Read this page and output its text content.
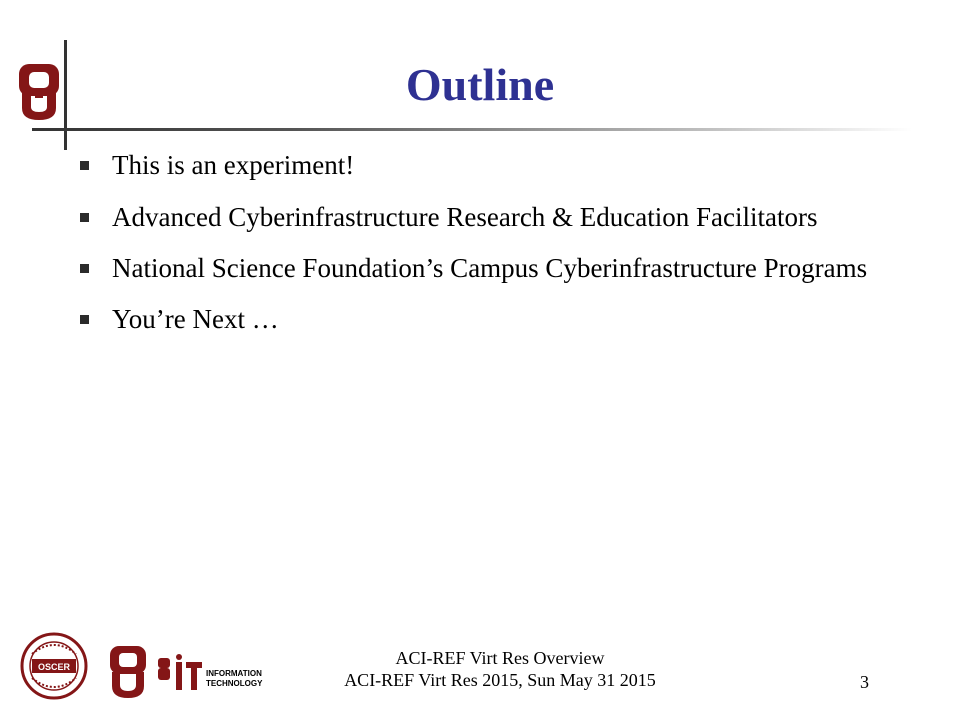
Outline
This is an experiment!
Advanced Cyberinfrastructure Research & Education Facilitators
National Science Foundation’s Campus Cyberinfrastructure Programs
You’re Next …
OSCER
INFORMATION
TECHNOLOGY
ACI-REF Virt Res Overview
ACI-REF Virt Res 2015, Sun May 31 2015	3
